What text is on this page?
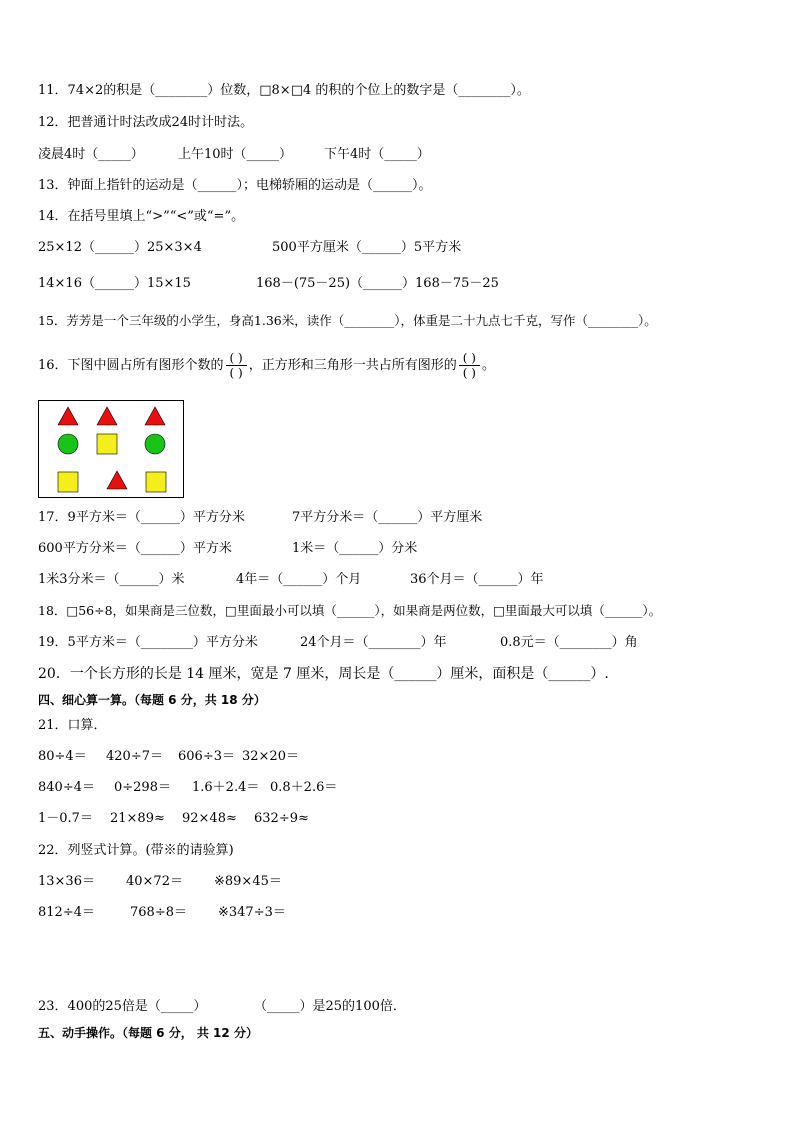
11．74×2的积是（________）位数，□8×□4 的积的个位上的数字是（________）。
12．把普通计时法改成24时计时法。
凌晨4时（_____）	上午10时（_____） 下午4时（_____）
13．钟面上指针的运动是（______）；电梯轿厢的运动是（______）。
14．在括号里填上“>”“<”或“=”。
25×12（______）25×3×4	500平方厘米（______）5平方米
14×16（______）15×15	168－(75－25)（______）168－75－25
15．芳芳是一个三年级的小学生，身高1.36米，读作（________），体重是二十九点七千克，写作（________）。
16．下图中圆占所有图形个数的 $\frac{( )}{( )}$ ，正方形和三角形一共占所有图形的 $\frac{( )}{( )}$ 。
17．9平方米＝（______）平方分米	7平方分米＝（______）平方厘米
600平方分米＝（______）平方米	1米＝（______）分米
1米3分米＝（______）米	4年＝（______）个月	36个月＝（______）年
18．□56÷8，如果商是三位数，□里面最小可以填（______），如果商是两位数，□里面最大可以填（______）。
19．5平方米＝（________）平方分米	24个月＝（________）年	0.8元＝（________）角
20．一个长方形的长是 14 厘米，宽是 7 厘米，周长是（______）厘米，面积是（______）.
四、细心算一算。（每题 6 分，共 18 分）
21．口算．
80÷4＝ 420÷7＝ 606÷3＝ 32×20＝
840÷4＝ 0÷298＝ 1.6＋2.4＝ 0.8＋2.6＝
1－0.7＝ 21×89≈ 92×48≈ 632÷9≈
22．列竖式计算。(带※的请验算)
13×36＝ 40×72＝ ※89×45＝
812÷4＝	768÷8＝ ※347÷3＝
23．400的25倍是（_____）	（_____）是25的100倍．
五、动手操作。（每题 6 分， 共 12 分）
